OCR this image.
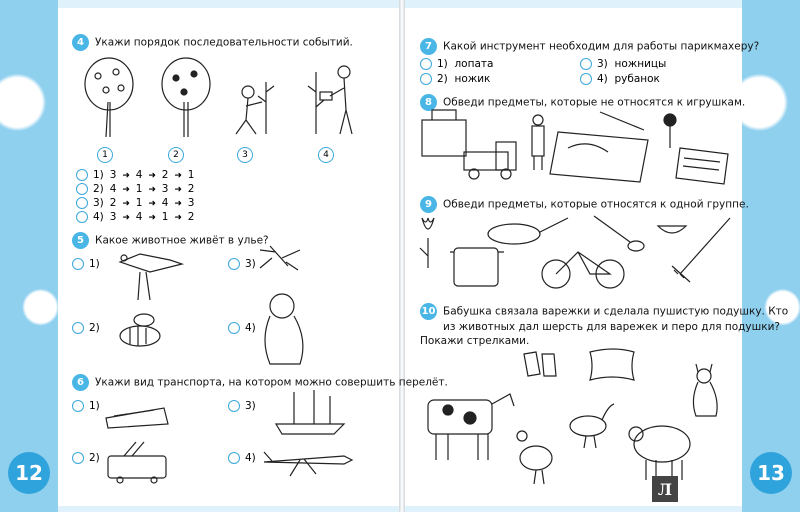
12	13
4 Укажи порядок последовательности событий.
1	2	3	4
1) 3 ➜ 4 ➜ 2 ➜ 1
2) 4 ➜ 1 ➜ 3 ➜ 2
3) 2 ➜ 1 ➜ 4 ➜ 3
4) 3 ➜ 4 ➜ 1 ➜ 2
5 Какое животное живёт в улье?
1)	3)
2)	4)
6 Укажи вид транспорта, на котором можно совершить перелёт.
1)	3)
2)	4)
7 Какой инструмент необходим для работы парикмахеру?
1) лопата
2) ножик
3) ножницы
4) рубанок
8 Обведи предметы, которые не относятся к игрушкам.
9 Обведи предметы, которые относятся к одной группе.
10 Бабушка связала варежки и сделала пушистую подушку. Кто
из животных дал шерсть для варежек и перо для подушки?
Покажи стрелками.
Л
